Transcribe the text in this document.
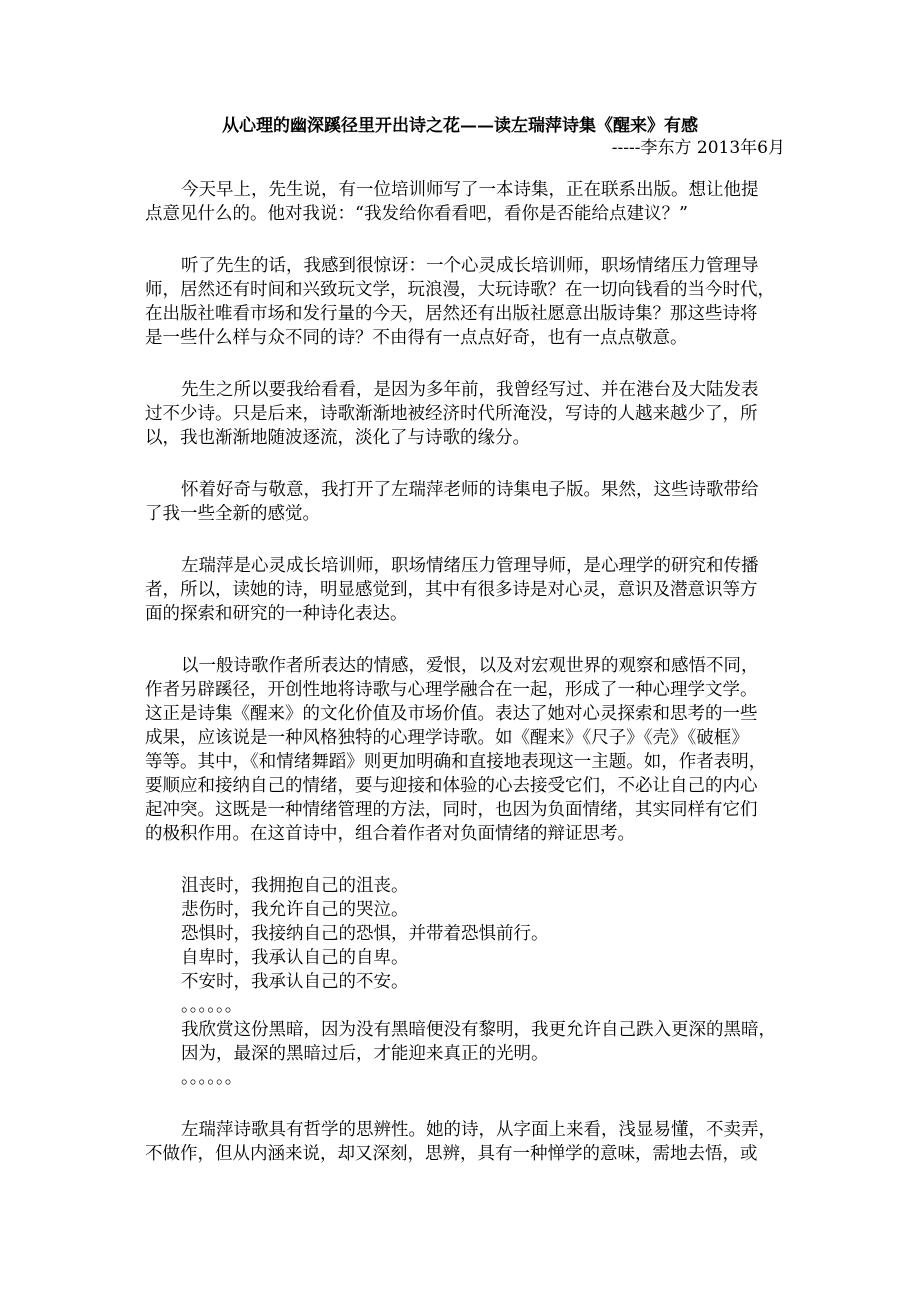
从心理的幽深蹊径里开出诗之花——读左瑞萍诗集《醒来》有感
-----李东方 2013年6月
今天早上，先生说，有一位培训师写了一本诗集，正在联系出版。想让他提
点意见什么的。他对我说：“我发给你看看吧，看你是否能给点建议？”
听了先生的话，我感到很惊讶：一个心灵成长培训师，职场情绪压力管理导
师，居然还有时间和兴致玩文学，玩浪漫，大玩诗歌？在一切向钱看的当今时代，
在出版社唯看市场和发行量的今天，居然还有出版社愿意出版诗集？那这些诗将
是一些什么样与众不同的诗？不由得有一点点好奇，也有一点点敬意。
先生之所以要我给看看，是因为多年前，我曾经写过、并在港台及大陆发表
过不少诗。只是后来，诗歌渐渐地被经济时代所淹没，写诗的人越来越少了，所
以，我也渐渐地随波逐流，淡化了与诗歌的缘分。
怀着好奇与敬意，我打开了左瑞萍老师的诗集电子版。果然，这些诗歌带给
了我一些全新的感觉。
左瑞萍是心灵成长培训师，职场情绪压力管理导师，是心理学的研究和传播
者，所以，读她的诗，明显感觉到，其中有很多诗是对心灵，意识及潜意识等方
面的探索和研究的一种诗化表达。
以一般诗歌作者所表达的情感，爱恨，以及对宏观世界的观察和感悟不同，
作者另辟蹊径，开创性地将诗歌与心理学融合在一起，形成了一种心理学文学。
这正是诗集《醒来》的文化价值及市场价值。表达了她对心灵探索和思考的一些
成果，应该说是一种风格独特的心理学诗歌。如《醒来》《尺子》《壳》《破框》
等等。其中，《和情绪舞蹈》则更加明确和直接地表现这一主题。如，作者表明，
要顺应和接纳自己的情绪，要与迎接和体验的心去接受它们，不必让自己的内心
起冲突。这既是一种情绪管理的方法，同时，也因为负面情绪，其实同样有它们
的极积作用。在这首诗中，组合着作者对负面情绪的辩证思考。
沮丧时，我拥抱自己的沮丧。
悲伤时，我允许自己的哭泣。
恐惧时，我接纳自己的恐惧，并带着恐惧前行。
自卑时，我承认自己的自卑。
不安时，我承认自己的不安。
。。。。。。
我欣赏这份黑暗，因为没有黑暗便没有黎明，我更允许自己跌入更深的黑暗，
因为，最深的黑暗过后，才能迎来真正的光明。
。。。。。。
左瑞萍诗歌具有哲学的思辨性。她的诗，从字面上来看，浅显易懂，不卖弄，
不做作，但从内涵来说，却又深刻，思辨，具有一种惮学的意味，需地去悟，或
